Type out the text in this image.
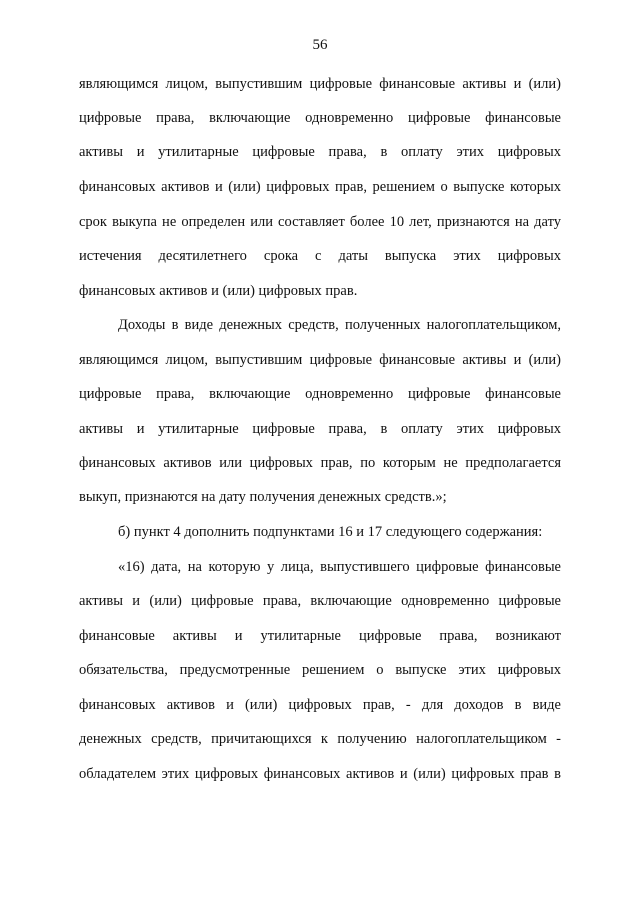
56
являющимся лицом, выпустившим цифровые финансовые активы и (или)
цифровые права, включающие одновременно цифровые финансовые
активы и утилитарные цифровые права, в оплату этих цифровых
финансовых активов и (или) цифровых прав, решением о выпуске которых
срок выкупа не определен или составляет более 10 лет, признаются на дату
истечения десятилетнего срока с даты выпуска этих цифровых
финансовых активов и (или) цифровых прав.
Доходы в виде денежных средств, полученных налогоплательщиком,
являющимся лицом, выпустившим цифровые финансовые активы и (или)
цифровые права, включающие одновременно цифровые финансовые
активы и утилитарные цифровые права, в оплату этих цифровых
финансовых активов или цифровых прав, по которым не предполагается
выкуп, признаются на дату получения денежных средств.»;
б) пункт 4 дополнить подпунктами 16 и 17 следующего содержания:
«16) дата, на которую у лица, выпустившего цифровые финансовые
активы и (или) цифровые права, включающие одновременно цифровые
финансовые активы и утилитарные цифровые права, возникают
обязательства, предусмотренные решением о выпуске этих цифровых
финансовых активов и (или) цифровых прав, - для доходов в виде
денежных средств, причитающихся к получению налогоплательщиком -
обладателем этих цифровых финансовых активов и (или) цифровых прав в
